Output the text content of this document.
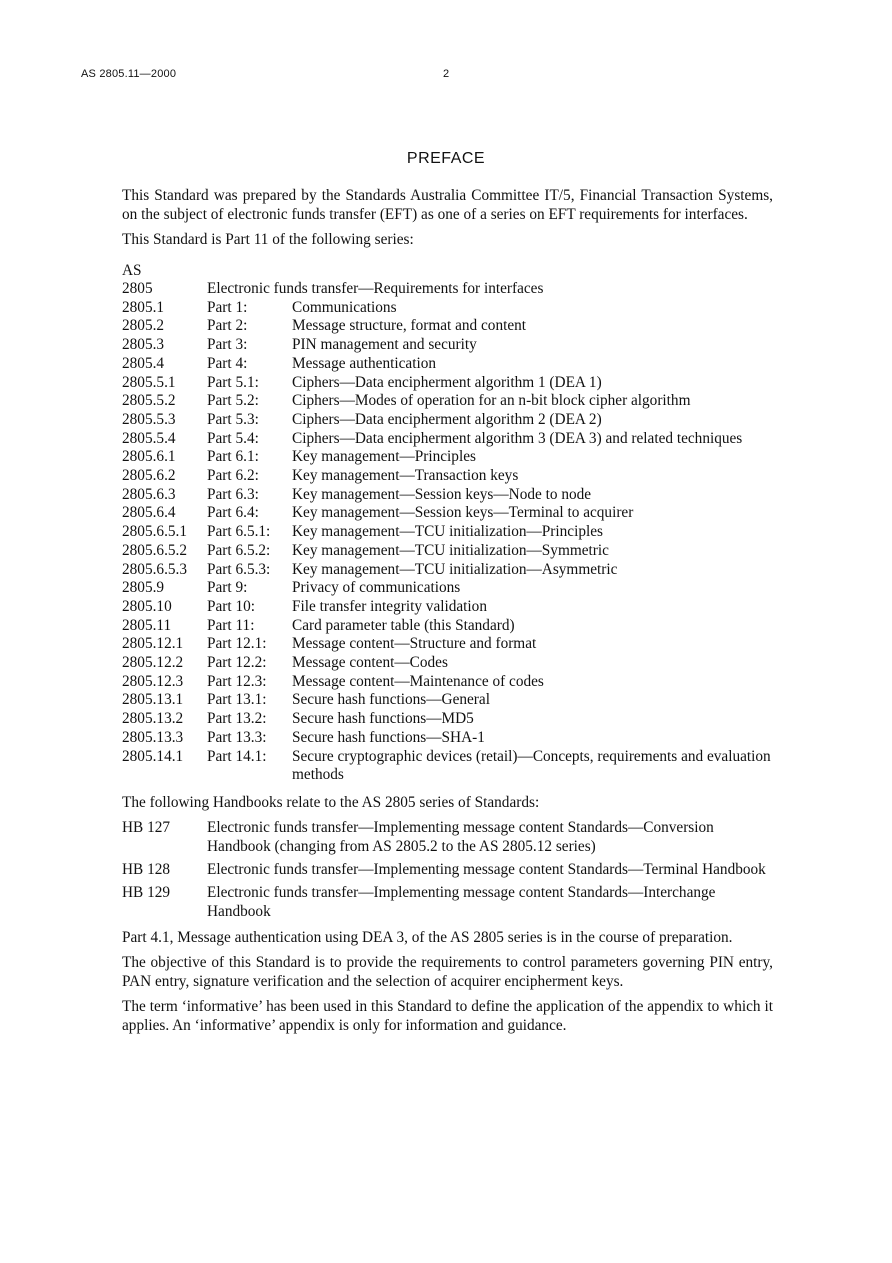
AS 2805.11—2000	2
PREFACE

This Standard was prepared by the Standards Australia Committee IT/5, Financial Transaction Systems, on the subject of electronic funds transfer (EFT) as one of a series on EFT requirements for interfaces.

This Standard is Part 11 of the following series:

AS
2805	Electronic funds transfer—Requirements for interfaces	
2805.1	Part 1:	Communications
2805.2	Part 2:	Message structure, format and content
2805.3	Part 3:	PIN management and security
2805.4	Part 4:	Message authentication
2805.5.1	Part 5.1:	Ciphers—Data encipherment algorithm 1 (DEA 1)
2805.5.2	Part 5.2:	Ciphers—Modes of operation for an n-bit block cipher algorithm
2805.5.3	Part 5.3:	Ciphers—Data encipherment algorithm 2 (DEA 2)
2805.5.4	Part 5.4:	Ciphers—Data encipherment algorithm 3 (DEA 3) and related techniques
2805.6.1	Part 6.1:	Key management—Principles
2805.6.2	Part 6.2:	Key management—Transaction keys
2805.6.3	Part 6.3:	Key management—Session keys—Node to node
2805.6.4	Part 6.4:	Key management—Session keys—Terminal to acquirer
2805.6.5.1	Part 6.5.1:	Key management—TCU initialization—Principles
2805.6.5.2	Part 6.5.2:	Key management—TCU initialization—Symmetric
2805.6.5.3	Part 6.5.3:	Key management—TCU initialization—Asymmetric
2805.9	Part 9:	Privacy of communications
2805.10	Part 10:	File transfer integrity validation
2805.11	Part 11:	Card parameter table (this Standard)
2805.12.1	Part 12.1:	Message content—Structure and format
2805.12.2	Part 12.2:	Message content—Codes
2805.12.3	Part 12.3:	Message content—Maintenance of codes
2805.13.1	Part 13.1:	Secure hash functions—General
2805.13.2	Part 13.2:	Secure hash functions—MD5
2805.13.3	Part 13.3:	Secure hash functions—SHA-1
2805.14.1	Part 14.1:	Secure cryptographic devices (retail)—Concepts, requirements and evaluation methods

The following Handbooks relate to the AS 2805 series of Standards:

HB 127	Electronic funds transfer—Implementing message content Standards—Conversion Handbook (changing from AS 2805.2 to the AS 2805.12 series)
HB 128	Electronic funds transfer—Implementing message content Standards—Terminal Handbook
HB 129	Electronic funds transfer—Implementing message content Standards—Interchange Handbook

Part 4.1, Message authentication using DEA 3, of the AS 2805 series is in the course of preparation.

The objective of this Standard is to provide the requirements to control parameters governing PIN entry, PAN entry, signature verification and the selection of acquirer encipherment keys.

The term ‘informative’ has been used in this Standard to define the application of the appendix to which it applies. An ‘informative’ appendix is only for information and guidance.
